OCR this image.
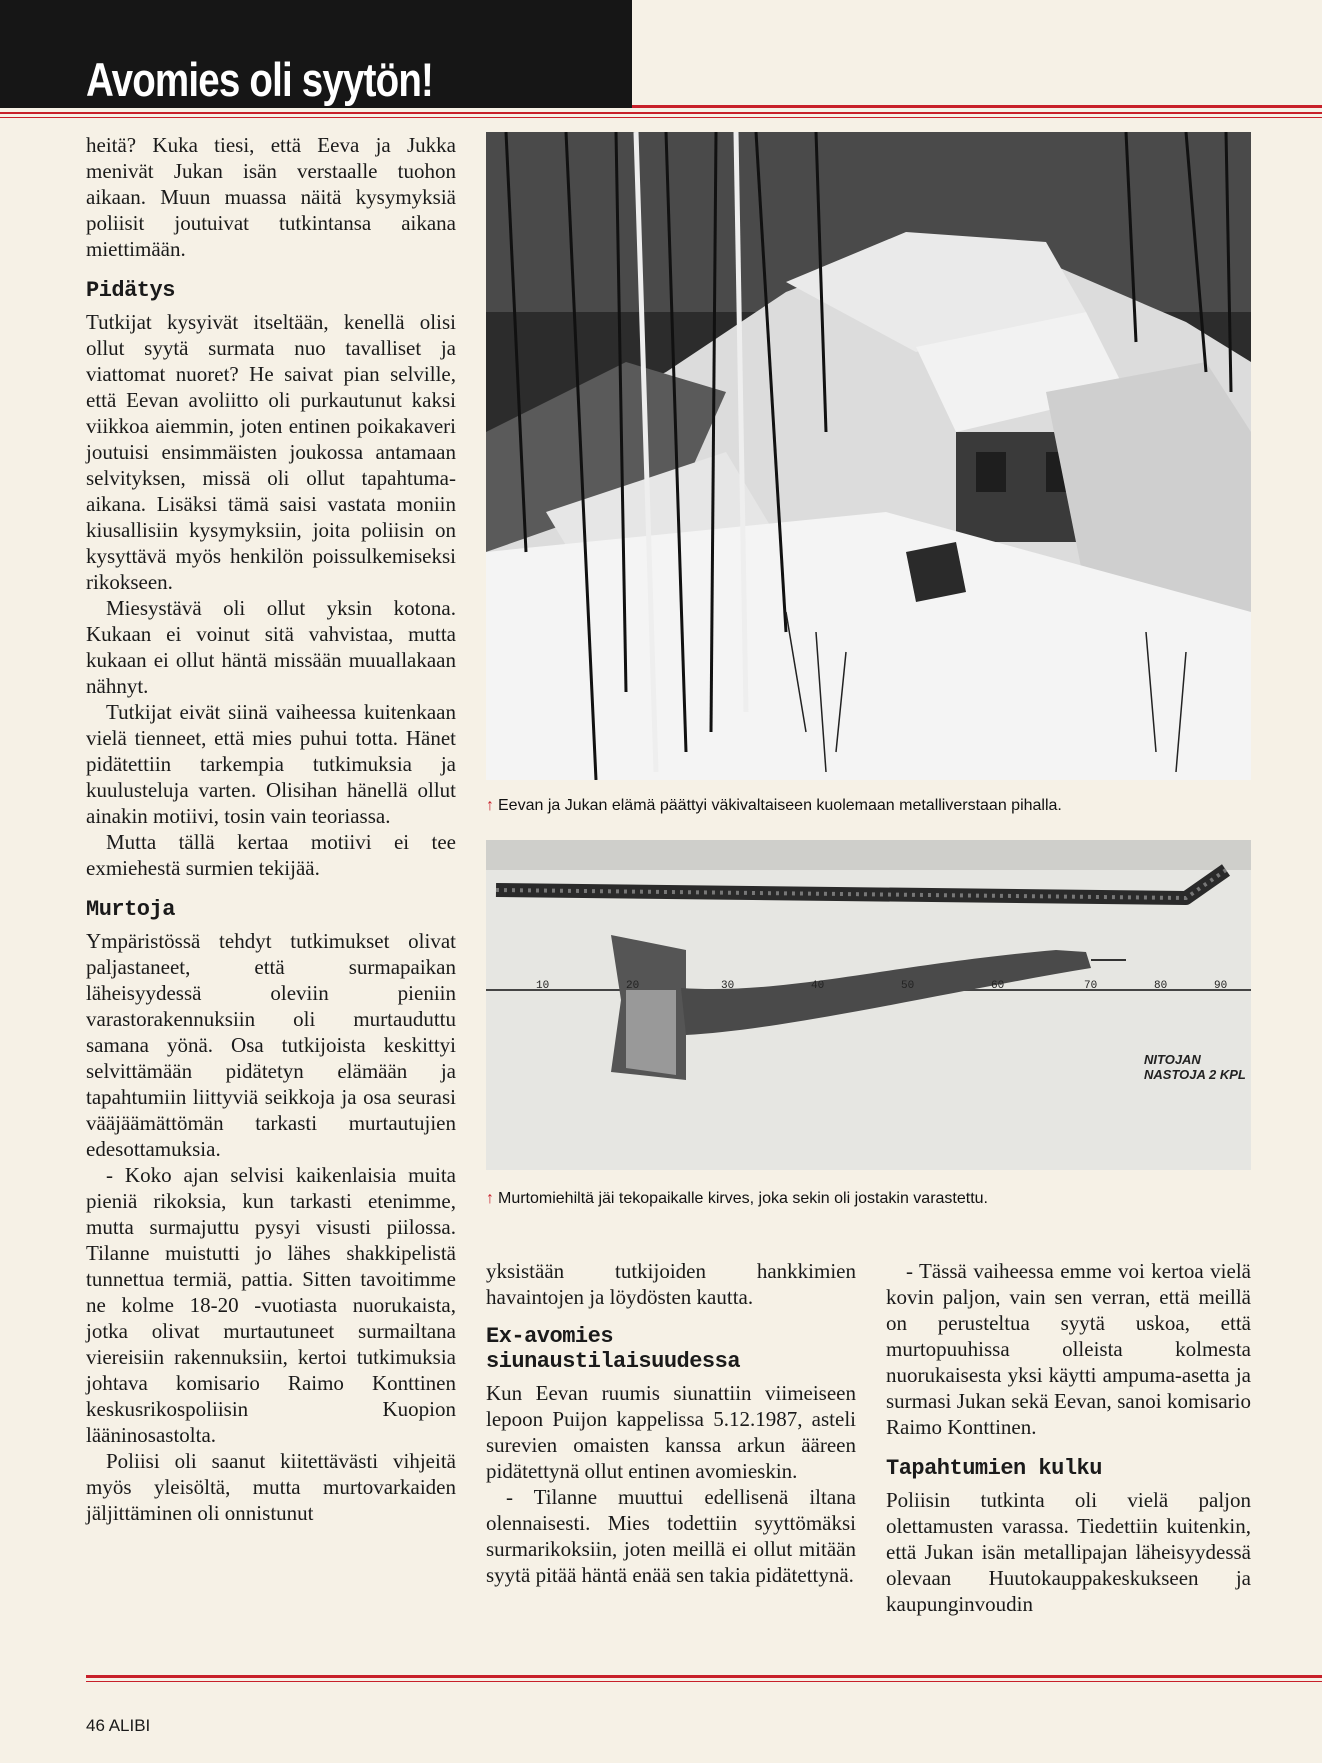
Avomies oli syytön!

heitä? Kuka tiesi, että Eeva ja Jukka menivät Jukan isän verstaalle tuohon aikaan. Muun muassa näitä kysymyksiä poliisit joutuivat tutkintansa aikana miettimään.

Pidätys

Tutkijat kysyivät itseltään, kenellä olisi ollut syytä surmata nuo tavalliset ja viattomat nuoret? He saivat pian selville, että Eevan avoliitto oli purkautunut kaksi viikkoa aiemmin, joten entinen poikakaveri joutuisi ensimmäisten joukossa antamaan selvityksen, missä oli ollut tapahtuma-aikana. Lisäksi tämä saisi vastata moniin kiusallisiin kysymyksiin, joita poliisin on kysyttävä myös henkilön poissulkemiseksi rikokseen.

Miesystävä oli ollut yksin kotona. Kukaan ei voinut sitä vahvistaa, mutta kukaan ei ollut häntä missään muuallakaan nähnyt.

Tutkijat eivät siinä vaiheessa kuitenkaan vielä tienneet, että mies puhui totta. Hänet pidätettiin tarkempia tutkimuksia ja kuulusteluja varten. Olisihan hänellä ollut ainakin motiivi, tosin vain teoriassa.

Mutta tällä kertaa motiivi ei tee exmiehestä surmien tekijää.

Murtoja

Ympäristössä tehdyt tutkimukset olivat paljastaneet, että surmapaikan läheisyydessä oleviin pieniin varastorakennuksiin oli murtauduttu samana yönä. Osa tutkijoista keskittyi selvittämään pidätetyn elämään ja tapahtumiin liittyviä seikkoja ja osa seurasi vääjäämättömän tarkasti murtautujien edesottamuksia.

- Koko ajan selvisi kaikenlaisia muita pieniä rikoksia, kun tarkasti etenimme, mutta surmajuttu pysyi visusti piilossa. Tilanne muistutti jo lähes shakkipelistä tunnettua termiä, pattia. Sitten tavoitimme ne kolme 18-20 -vuotiasta nuorukaista, jotka olivat murtautuneet surmailtana viereisiin rakennuksiin, kertoi tutkimuksia johtava komisario Raimo Konttinen keskusrikospoliisin Kuopion lääninosastolta.

Poliisi oli saanut kiitettävästi vihjeitä myös yleisöltä, mutta murtovarkaiden jäljittäminen oli onnistunut

↑ Eevan ja Jukan elämä päättyi väkivaltaiseen kuolemaan metalliverstaan pihalla.
10	20	30	40	50	60	70	80	90
NITOJAN
NASTOJA 2 KPL
↑ Murtomiehiltä jäi tekopaikalle kirves, joka sekin oli jostakin varastettu.

yksistään tutkijoiden hankkimien havaintojen ja löydösten kautta.

Ex-avomies siunaustilaisuudessa

Kun Eevan ruumis siunattiin viimeiseen lepoon Puijon kappelissa 5.12.1987, asteli surevien omaisten kanssa arkun ääreen pidätettynä ollut entinen avomieskin.

- Tilanne muuttui edellisenä iltana olennaisesti. Mies todettiin syyttömäksi surmarikoksiin, joten meillä ei ollut mitään syytä pitää häntä enää sen takia pidätettynä.

- Tässä vaiheessa emme voi kertoa vielä kovin paljon, vain sen verran, että meillä on perusteltua syytä uskoa, että murtopuuhissa olleista kolmesta nuorukaisesta yksi käytti ampuma-asetta ja surmasi Jukan sekä Eevan, sanoi komisario Raimo Konttinen.

Tapahtumien kulku

Poliisin tutkinta oli vielä paljon olettamusten varassa. Tiedettiin kuitenkin, että Jukan isän metallipajan läheisyydessä olevaan Huutokauppakeskukseen ja kaupunginvoudin

46 ALIBI
